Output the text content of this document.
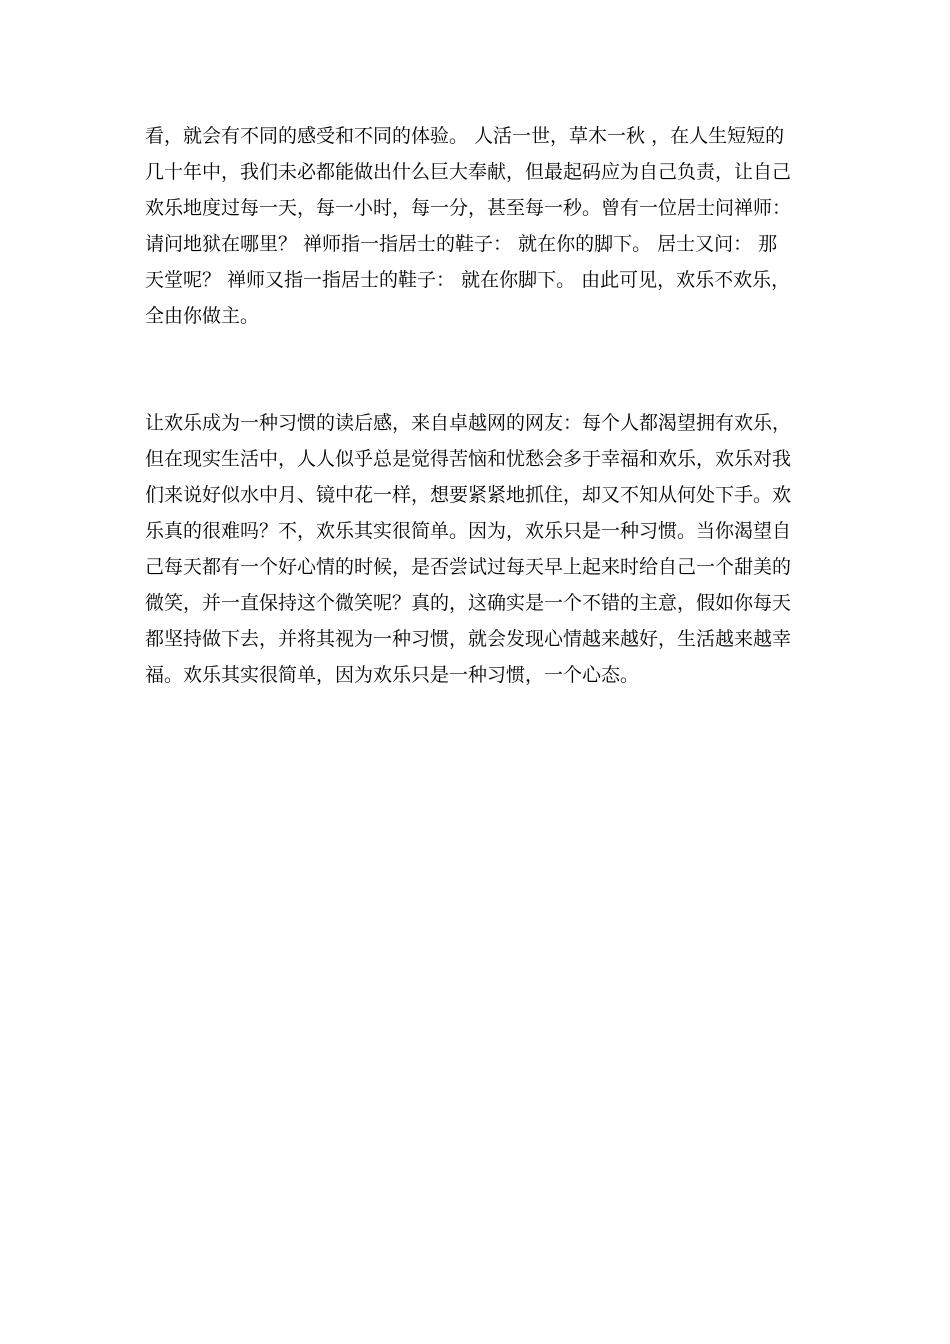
看，就会有不同的感受和不同的体验。 人活一世，草木一秋 ，在人生短短的
几十年中，我们未必都能做出什么巨大奉献，但最起码应为自己负责，让自己
欢乐地度过每一天，每一小时，每一分，甚至每一秒。曾有一位居士问禅师：
请问地狱在哪里？ 禅师指一指居士的鞋子： 就在你的脚下。 居士又问： 那
天堂呢？ 禅师又指一指居士的鞋子： 就在你脚下。 由此可见，欢乐不欢乐，
全由你做主。
让欢乐成为一种习惯的读后感，来自卓越网的网友：每个人都渴望拥有欢乐，
但在现实生活中，人人似乎总是觉得苦恼和忧愁会多于幸福和欢乐，欢乐对我
们来说好似水中月、镜中花一样，想要紧紧地抓住，却又不知从何处下手。欢
乐真的很难吗？不，欢乐其实很简单。因为，欢乐只是一种习惯。当你渴望自
己每天都有一个好心情的时候，是否尝试过每天早上起来时给自己一个甜美的
微笑，并一直保持这个微笑呢？真的，这确实是一个不错的主意，假如你每天
都坚持做下去，并将其视为一种习惯，就会发现心情越来越好，生活越来越幸
福。欢乐其实很简单，因为欢乐只是一种习惯，一个心态。
